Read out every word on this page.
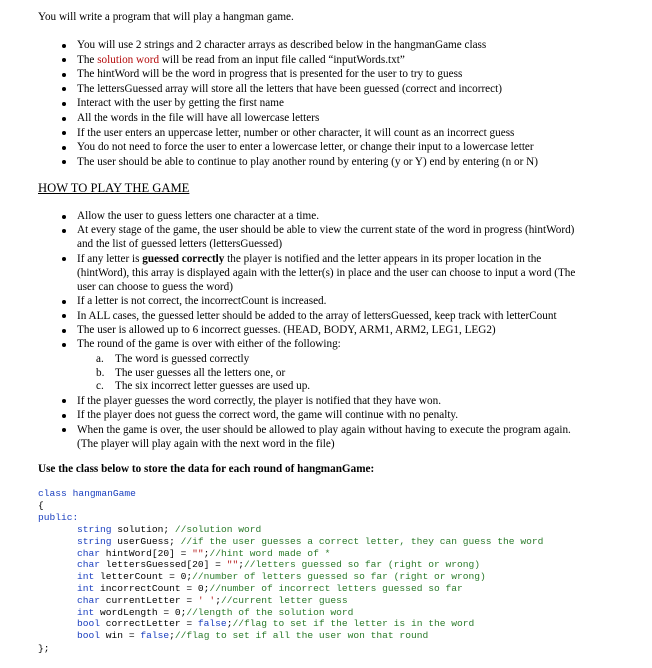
You will write a program that will play a hangman game.
You will use 2 strings and 2 character arrays as described below in the hangmanGame class
The solution word will be read from an input file called “inputWords.txt”
The hintWord will be the word in progress that is presented for the user to try to guess
The lettersGuessed array will store all the letters that have been guessed (correct and incorrect)
Interact with the user by getting the first name
All the words in the file will have all lowercase letters
If the user enters an uppercase letter, number or other character, it will count as an incorrect guess
You do not need to force the user to enter a lowercase letter, or change their input to a lowercase letter
The user should be able to continue to play another round by entering (y or Y) end by entering (n or N)
HOW TO PLAY THE GAME
Allow the user to guess letters one character at a time.
At every stage of the game, the user should be able to view the current state of the word in progress (hintWord)
and the list of guessed letters (lettersGuessed)
If any letter is guessed correctly the player is notified and the letter appears in its proper location in the
(hintWord), this array is displayed again with the letter(s) in place and the user can choose to input a word (The
user can choose to guess the word)
If a letter is not correct, the incorrectCount is increased.
In ALL cases, the guessed letter should be added to the array of lettersGuessed, keep track with letterCount
The user is allowed up to 6 incorrect guesses. (HEAD, BODY, ARM1, ARM2, LEG1, LEG2)
The round of the game is over with either of the following:
a. The word is guessed correctly
b. The user guesses all the letters one, or
c. The six incorrect letter guesses are used up.
If the player guesses the word correctly, the player is notified that they have won.
If the player does not guess the correct word, the game will continue with no penalty.
When the game is over, the user should be allowed to play again without having to execute the program again.
(The player will play again with the next word in the file)
Use the class below to store the data for each round of hangmanGame:
class hangmanGame
{
public:
string solution; //solution word
string userGuess; //if the user guesses a correct letter, they can guess the word
char hintWord[20] = "";//hint word made of *
char lettersGuessed[20] = "";//letters guessed so far (right or wrong)
int letterCount = 0;//number of letters guessed so far (right or wrong)
int incorrectCount = 0;//number of incorrect letters guessed so far
char currentLetter = ' ';//current letter guess
int wordLength = 0;//length of the solution word
bool correctLetter = false;//flag to set if the letter is in the word
bool win = false;//flag to set if all the user won that round
};
